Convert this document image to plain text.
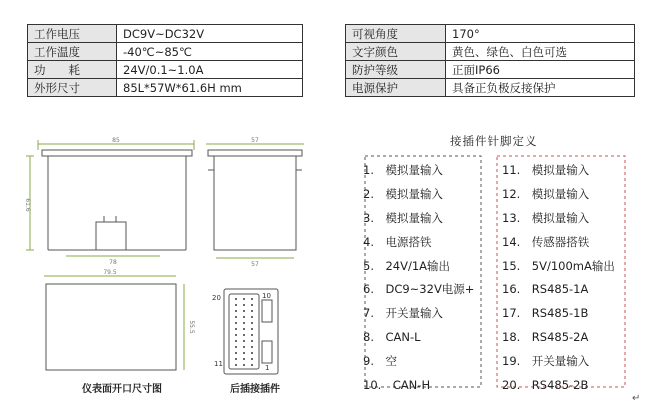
工作电压	DC9V~DC32V
工作温度	-40℃~85℃
功　　耗	24V/0.1~1.0A
外形尺寸	85L*57W*61.6H mm
可视角度	170°
文字颜色	黄色、绿色、白色可选
防护等级	正面IP66
电源保护	具备正负极反接保护
85	57
61.6
78	57
79.5
55.5
20	10
11	1
仪表面开口尺寸图	后插接插件
接插件针脚定义
1.　模拟量输入
2.　模拟量输入
3.　模拟量输入
4.　电源搭铁
5.　24V/1A输出
6.　DC9~32V电源+
7.　开关量输入
8.　CAN-L
9.　空
10.　CAN-H
11.　模拟量输入
12.　模拟量输入
13.　模拟量输入
14.　传感器搭铁
15.　5V/100mA输出
16.　RS485-1A
17.　RS485-1B
18.　RS485-2A
19.　开关量输入
20.　RS485-2B
↵
